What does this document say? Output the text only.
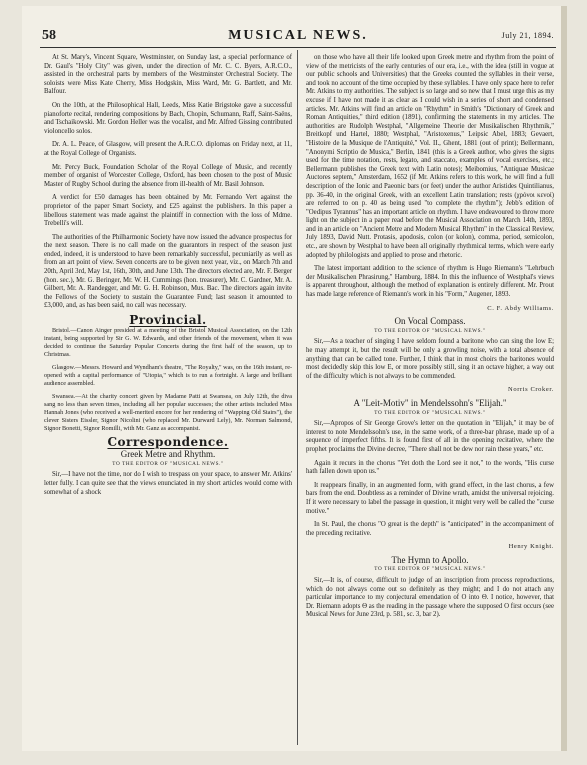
58	MUSICAL NEWS.	July 21, 1894.

At St. Mary's, Vincent Square, Westminster, on Sunday last, a special performance of Dr. Gaul's "Holy City" was given, under the direction of Mr. C. C. Byers, A.R.C.O., assisted in the orchestral parts by members of the Westminster Orchestral Society. The soloists were Miss Kate Cherry, Miss Hodgskin, Miss Ward, Mr. G. Bartlett, and Mr. Balfour.

On the 10th, at the Philosophical Hall, Leeds, Miss Katie Brigstoke gave a successful pianoforte recital, rendering compositions by Bach, Chopin, Schumann, Raff, Saint-Saëns, and Tschaikowski. Mr. Gordon Heller was the vocalist, and Mr. Alfred Gissing contributed violoncello solos.

Dr. A. L. Peace, of Glasgow, will present the A.R.C.O. diplomas on Friday next, at 11, at the Royal College of Organists.

Mr. Percy Buck, Foundation Scholar of the Royal College of Music, and recently member of organist of Worcester College, Oxford, has been chosen to the post of Music Master of Rugby School during the absence from ill-health of Mr. Basil Johnson.

A verdict for £50 damages has been obtained by Mr. Fernando Vert against the proprietor of the paper Smart Society, and £25 against the publishers. In this paper a libellous statement was made against the plaintiff in connection with the loss of Mdme. Trebelli's will.

The authorities of the Philharmonic Society have now issued the advance prospectus for the next season. There is no call made on the guarantors in respect of the season just ended, indeed, it is understood to have been remarkably successful, pecuniarily as well as from an art point of view. Seven concerts are to be given next year, viz., on March 7th and 20th, April 3rd, May 1st, 16th, 30th, and June 13th. The directors elected are, Mr. F. Berger (hon. sec.), Mr. G. Beringer, Mr. W. H. Cummings (hon. treasurer), Mr. C. Gardner, Mr. A. Gilbert, Mr. A. Randegger, and Mr. G. H. Robinson, Mus. Bac. The directors again invite the Fellows of the Society to sustain the Guarantee Fund; last season it amounted to £3,000, and, as has been said, no call was necessary.

Provincial.

Bristol.—Canon Ainger presided at a meeting of the Bristol Musical Association, on the 12th instant, being supported by Sir G. W. Edwards, and other friends of the movement, when it was decided to continue the Saturday Popular Concerts during the first half of the season, up to Christmas.

Glasgow.—Messrs. Howard and Wyndham's theatre, "The Royalty," was, on the 16th instant, re-opened with a capital performance of "Utopia," which is to run a fortnight. A large and brilliant audience assembled.

Swansea.—At the charity concert given by Madame Patti at Swansea, on July 12th, the diva sang no less than seven times, including all her popular successes; the other artists included Miss Hannah Jones (who received a well-merited encore for her rendering of "Wapping Old Stairs"), the clever Sisters Eissler, Signor Nicolini (who replaced Mr. Durward Lely), Mr. Norman Salmond, Signor Bonetti, Signor Romilli, with Mr. Ganz as accompanist.

Correspondence.
Greek Metre and Rhythm.
TO THE EDITOR OF "MUSICAL NEWS."

Sir,—I have not the time, nor do I wish to trespass on your space, to answer Mr. Atkins' letter fully. I can quite see that the views enunciated in my short articles would come with somewhat of a shock

on those who have all their life looked upon Greek metre and rhythm from the point of view of the metricists of the early centuries of our era, i.e., with the idea (still in vogue at our public schools and Universities) that the Greeks counted the syllables in their verse, and took no account of the time occupied by these syllables. I have only space here to refer Mr. Atkins to my authorities. The subject is so large and so new that I must urge this as my excuse if I have not made it as clear as I could wish in a series of short and condensed articles. Mr. Atkins will find an article on "Rhythm" in Smith's "Dictionary of Greek and Roman Antiquities," third edition (1891), confirming the statements in my articles. The authorities are Rudolph Westphal, "Allgemeine Theorie der Musikalischen Rhythmik," Breitkopf und Hartel, 1880; Westphal, "Aristoxenus," Leipsic Abel, 1883; Gevaert, "Histoire de la Musique de l'Antiquité," Vol. II., Ghent, 1881 (out of print); Bellermann, "Anonymi Scriptio de Musica," Berlin, 1841 (this is a Greek author, who gives the signs used for the time notation, rests, legato, and staccato, examples of vocal exercises, etc.; Bellermann publishes the Greek text with Latin notes); Meibomius, "Antiquae Musicae Auctores septem," Amsterdam, 1652 (if Mr. Atkins refers to this work, he will find a full description of the Ionic and Paeonic bars (or feet) under the author Aristides Quintilianus, pp. 36-40, in the original Greek, with an excellent Latin translation; rests (χρόνοι κενοί) are referred to on p. 40 as being used "to complete the rhythm"); Jebb's edition of "Oedipus Tyrannus" has an important article on rhythm. I have endeavoured to throw more light on the subject in a paper read before the Musical Association on March 14th, 1893, and in an article on "Ancient Metre and Modern Musical Rhythm" in the Classical Review, July 1893, David Nutt. Protasis, apodosis, colon (or kolon), comma, period, semicolon, etc., are shown by Westphal to have been all originally rhythmical terms, which were early adopted by philologists and applied to prose and rhetoric.

The latest important addition to the science of rhythm is Hugo Riemann's "Lehrbuch der Musikalischen Phrasirung," Hamburg, 1884. In this the influence of Westphal's views is apparent throughout, although the method of explanation is entirely different. Mr. Prout has made large reference of Riemann's work in his "Form," Augener, 1893.

C. F. Abdy Williams.
On Vocal Compass.
TO THE EDITOR OF "MUSICAL NEWS."

Sir,—As a teacher of singing I have seldom found a baritone who can sing the low E; he may attempt it, but the result will be only a growling noise, with a total absence of anything that can be called tone. Further, I think that in most choirs the baritones would most decidedly skip this low E, or more possibly still, sing it an octave higher, a way out of the difficulty which is not always to be commended.

Norris Croker.
A "Leit-Motiv" in Mendelssohn's "Elijah."
TO THE EDITOR OF "MUSICAL NEWS."

Sir,—Apropos of Sir George Grove's letter on the quotation in "Elijah," it may be of interest to note Mendelssohn's use, in the same work, of a three-bar phrase, made up of a sequence of imperfect fifths. It is found first of all in the opening recitative, where the prophet proclaims the Divine decree, "There shall not be dew nor rain these years," etc.

Again it recurs in the chorus "Yet doth the Lord see it not," to the words, "His curse hath fallen down upon us."

It reappears finally, in an augmented form, with grand effect, in the last chorus, a few bars from the end. Doubtless as a reminder of Divine wrath, amidst the universal rejoicing. If it were necessary to label the passage in question, it might very well be called the "curse motive."

In St. Paul, the chorus "O great is the depth" is "anticipated" in the accompaniment of the preceding recitative.

Henry Knight.
The Hymn to Apollo.
TO THE EDITOR OF "MUSICAL NEWS."

Sir,—It is, of course, difficult to judge of an inscription from process reproductions, which do not always come out so definitely as they might; and I do not attach any particular importance to my conjectural emendation of O into Θ. I notice, however, that Dr. Riemann adopts Θ as the reading in the passage where the supposed O first occurs (see Musical News for June 23rd, p. 581, sc. 3, bar 2).
